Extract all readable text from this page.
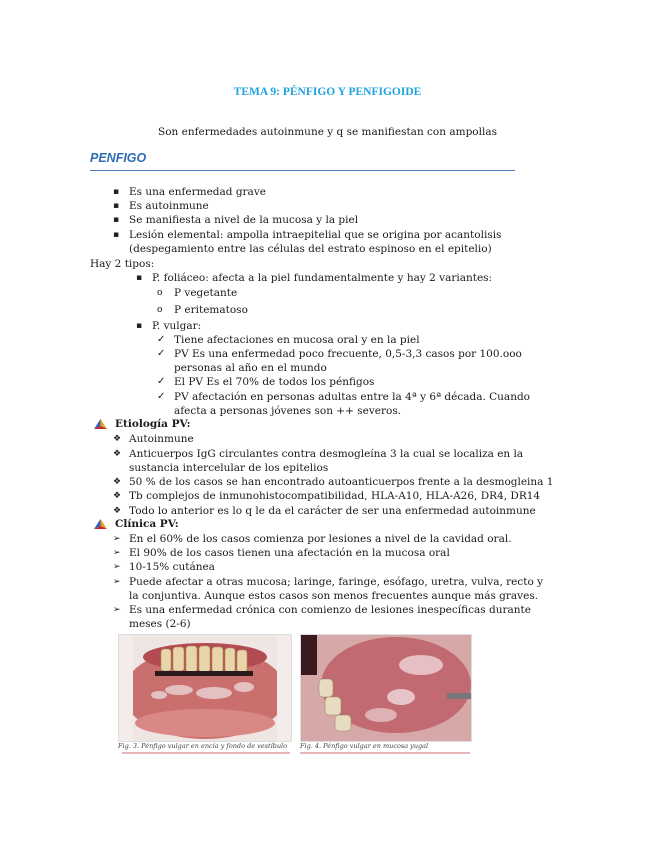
TEMA 9: PÉNFIGO Y PENFIGOIDE
Son enfermedades autoinmune y q se manifiestan con ampollas
PENFIGO
▪ Es una enfermedad grave
▪ Es autoinmune
▪ Se manifiesta a nivel de la mucosa y la piel
▪ Lesión elemental: ampolla intraepitelial que se origina por acantolisis
(despegamiento entre las células del estrato espinoso en el epitelio)
Hay 2 tipos:
▪ P. foliáceo: afecta a la piel fundamentalmente y hay 2 variantes:
o P vegetante
o P eritematoso
▪ P. vulgar:
✓ Tiene afectaciones en mucosa oral y en la piel
✓ PV Es una enfermedad poco frecuente, 0,5-3,3 casos por 100.ooo
personas al año en el mundo
✓ El PV Es el 70% de todos los pénfigos
✓ PV afectación en personas adultas entre la 4ª y 6ª década. Cuando
afecta a personas jóvenes son ++ severos.
Etiología PV:
❖ Autoinmune
❖ Anticuerpos IgG circulantes contra desmogleína 3 la cual se localiza en la
sustancia intercelular de los epitelios
❖ 50 % de los casos se han encontrado autoanticuerpos frente a la desmogleina 1
❖ Tb complejos de inmunohistocompatibilidad, HLA-A10, HLA-A26, DR4, DR14
❖ Todo lo anterior es lo q le da el carácter de ser una enfermedad autoinmune
Clínica PV:
➢ En el 60% de los casos comienza por lesiones a nivel de la cavidad oral.
➢ El 90% de los casos tienen una afectación en la mucosa oral
➢ 10-15% cutánea
➢ Puede afectar a otras mucosa; laringe, faringe, esófago, uretra, vulva, recto y
la conjuntiva. Aunque estos casos son menos frecuentes aunque más graves.
➢ Es una enfermedad crónica con comienzo de lesiones inespecíficas durante
meses (2-6)
Fig. 3. Pénfigo vulgar en encía y fondo de vestíbulo Fig. 4. Pénfigo vulgar en mucosa yugal
